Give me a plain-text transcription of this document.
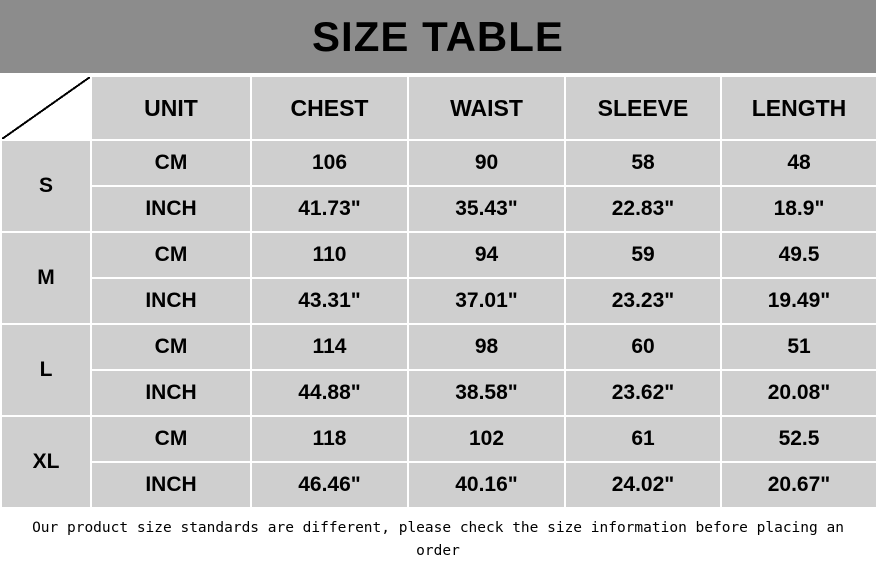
SIZE TABLE
	UNIT	CHEST	WAIST	SLEEVE	LENGTH
S	CM	106	90	58	48
	INCH	41.73"	35.43"	22.83"	18.9"
M	CM	110	94	59	49.5
	INCH	43.31"	37.01"	23.23"	19.49"
L	CM	114	98	60	51
	INCH	44.88"	38.58"	23.62"	20.08"
XL	CM	118	102	61	52.5
	INCH	46.46"	40.16"	24.02"	20.67"
Our product size standards are different, please check the size information before placing an order
